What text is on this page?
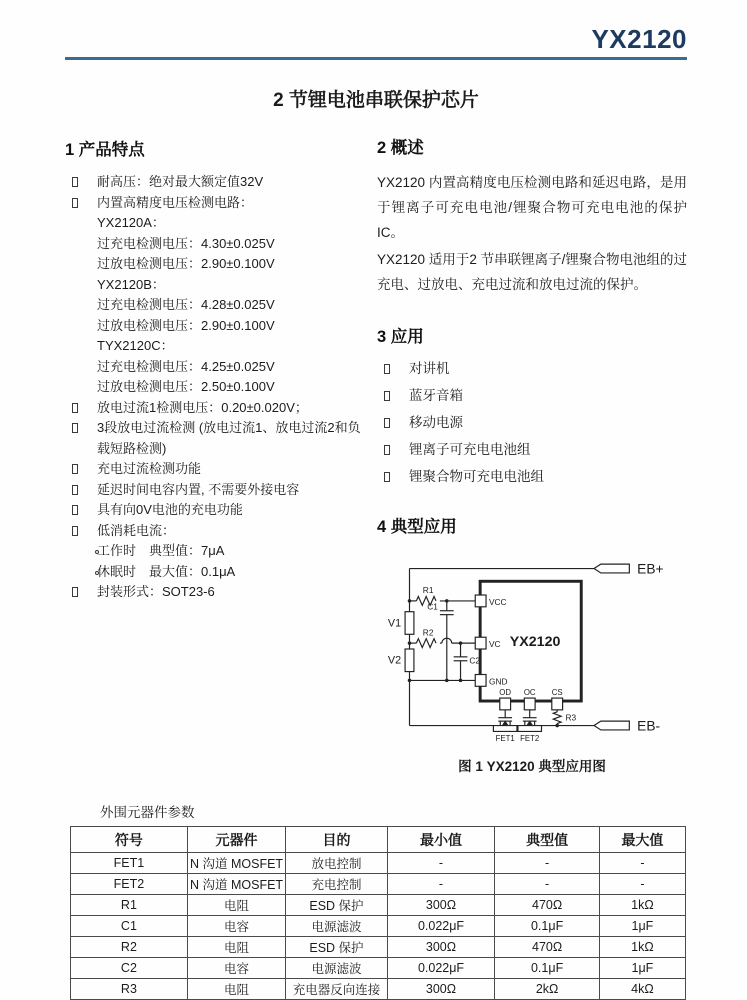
YX2120
2 节锂电池串联保护芯片
1 产品特点
耐高压：绝对最大额定值32V
内置高精度电压检测电路：
YX2120A：
过充电检测电压：4.30±0.025V
过放电检测电压：2.90±0.100V
YX2120B：
过充电检测电压：4.28±0.025V
过放电检测电压：2.90±0.100V
TYX2120C：
过充电检测电压：4.25±0.025V
过放电检测电压：2.50±0.100V
放电过流1检测电压：0.20±0.020V；
3段放电过流检测 (放电过流1、放电过流2和负载短路检测)
充电过流检测功能
延迟时间电容内置, 不需要外接电容
具有向0V电池的充电功能
低消耗电流：
工作时　典型值：7μA
休眠时　最大值：0.1μA
封装形式：SOT23-6
2 概述

YX2120 内置高精度电压检测电路和延迟电路，是用于锂离子可充电电池/锂聚合物可充电电池的保护IC。

YX2120 适用于2 节串联锂离子/锂聚合物电池组的过充电、过放电、充电过流和放电过流的保护。

3 应用
对讲机
蓝牙音箱
移动电源
锂离子可充电电池组
锂聚合物可充电电池组
4 典型应用
EB+
EB-
YX2120
V1
V2
R1
R2
R3
C1
C2
VCC
VC
GND
OD OC CS
FET1 FET2
图 1 YX2120 典型应用图
外围元器件参数
符号	元器件	目的	最小值	典型值	最大值
FET1	N 沟道 MOSFET	放电控制	-	-	-
FET2	N 沟道 MOSFET	充电控制	-	-	-
R1	电阻	ESD 保护	300Ω	470Ω	1kΩ
C1	电容	电源滤波	0.022μF	0.1μF	1μF
R2	电阻	ESD 保护	300Ω	470Ω	1kΩ
C2	电容	电源滤波	0.022μF	0.1μF	1μF
R3	电阻	充电器反向连接	300Ω	2kΩ	4kΩ
